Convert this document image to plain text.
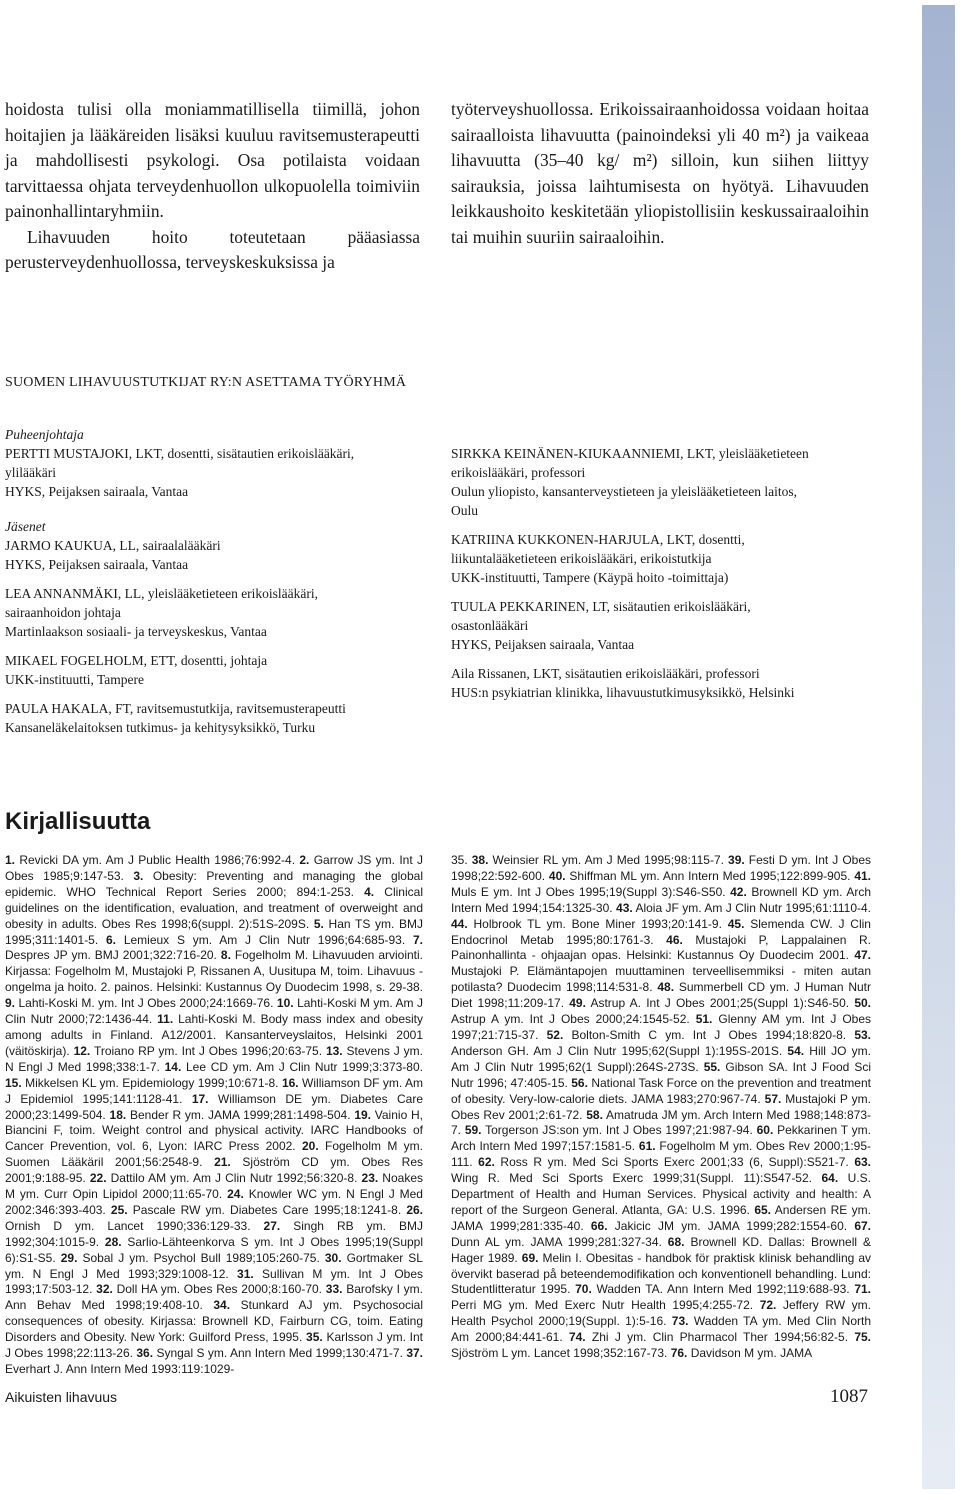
hoidosta tulisi olla moniammatillisella tiimillä, johon hoitajien ja lääkäreiden lisäksi kuuluu ravitsemusterapeutti ja mahdollisesti psykologi. Osa potilaista voidaan tarvittaessa ohjata terveydenhuollon ulkopuolella toimiviin painonhallintaryhmiin.

Lihavuuden hoito toteutetaan pääasiassa perusterveydenhuollossa, terveyskeskuksissa ja

työterveyshuollossa. Erikoissairaanhoidossa voidaan hoitaa sairaalloista lihavuutta (painoindeksi yli 40 m²) ja vaikeaa lihavuutta (35–40 kg/ m²) silloin, kun siihen liittyy sairauksia, joissa laihtumisesta on hyötyä. Lihavuuden leikkaushoito keskitetään yliopistollisiin keskussairaaloihin tai muihin suuriin sairaaloihin.

SUOMEN LIHAVUUSTUTKIJAT RY:N ASETTAMA TYÖRYHMÄ
Puheenjohtaja
PERTTI MUSTAJOKI, LKT, dosentti, sisätautien erikoislääkäri,
ylilääkäri
HYKS, Peijaksen sairaala, Vantaa
Jäsenet
JARMO KAUKUA, LL, sairaalalääkäri
HYKS, Peijaksen sairaala, Vantaa
LEA ANNANMÄKI, LL, yleislääketieteen erikoislääkäri,
sairaanhoidon johtaja
Martinlaakson sosiaali- ja terveyskeskus, Vantaa
MIKAEL FOGELHOLM, ETT, dosentti, johtaja
UKK-instituutti, Tampere
PAULA HAKALA, FT, ravitsemustutkija, ravitsemusterapeutti
Kansaneläkelaitoksen tutkimus- ja kehitysyksikkö, Turku
SIRKKA KEINÄNEN-KIUKAANNIEMI, LKT, yleislääketieteen
erikoislääkäri, professori
Oulun yliopisto, kansanterveystieteen ja yleislääketieteen laitos,
Oulu
KATRIINA KUKKONEN-HARJULA, LKT, dosentti,
liikuntalääketieteen erikoislääkäri, erikoistutkija
UKK-instituutti, Tampere (Käypä hoito -toimittaja)
TUULA PEKKARINEN, LT, sisätautien erikoislääkäri,
osastonlääkäri
HYKS, Peijaksen sairaala, Vantaa
Aila Rissanen, LKT, sisätautien erikoislääkäri, professori
HUS:n psykiatrian klinikka, lihavuustutkimusyksikkö, Helsinki
Kirjallisuutta
1. Revicki DA ym. Am J Public Health 1986;76:992-4. 2. Garrow JS ym. Int J Obes 1985;9:147-53. 3. Obesity: Preventing and managing the global epidemic. WHO Technical Report Series 2000; 894:1-253. 4. Clinical guidelines on the identification, evaluation, and treatment of overweight and obesity in adults. Obes Res 1998;6(suppl. 2):51S-209S. 5. Han TS ym. BMJ 1995;311:1401-5. 6. Lemieux S ym. Am J Clin Nutr 1996;64:685-93. 7. Despres JP ym. BMJ 2001;322:716-20. 8. Fogelholm M. Lihavuuden arviointi. Kirjassa: Fogelholm M, Mustajoki P, Rissanen A, Uusitupa M, toim. Lihavuus - ongelma ja hoito. 2. painos. Helsinki: Kustannus Oy Duodecim 1998, s. 29-38. 9. Lahti-Koski M. ym. Int J Obes 2000;24:1669-76. 10. Lahti-Koski M ym. Am J Clin Nutr 2000;72:1436-44. 11. Lahti-Koski M. Body mass index and obesity among adults in Finland. A12/2001. Kansanterveyslaitos, Helsinki 2001 (väitöskirja). 12. Troiano RP ym. Int J Obes 1996;20:63-75. 13. Stevens J ym. N Engl J Med 1998;338:1-7. 14. Lee CD ym. Am J Clin Nutr 1999;3:373-80. 15. Mikkelsen KL ym. Epidemiology 1999;10:671-8. 16. Williamson DF ym. Am J Epidemiol 1995;141:1128-41. 17. Williamson DE ym. Diabetes Care 2000;23:1499-504. 18. Bender R ym. JAMA 1999;281:1498-504. 19. Vainio H, Biancini F, toim. Weight control and physical activity. IARC Handbooks of Cancer Prevention, vol. 6, Lyon: IARC Press 2002. 20. Fogelholm M ym. Suomen Lääkäril 2001;56:2548-9. 21. Sjöström CD ym. Obes Res 2001;9:188-95. 22. Dattilo AM ym. Am J Clin Nutr 1992;56:320-8. 23. Noakes M ym. Curr Opin Lipidol 2000;11:65-70. 24. Knowler WC ym. N Engl J Med 2002:346:393-403. 25. Pascale RW ym. Diabetes Care 1995;18:1241-8. 26. Ornish D ym. Lancet 1990;336:129-33. 27. Singh RB ym. BMJ 1992;304:1015-9. 28. Sarlio-Lähteenkorva S ym. Int J Obes 1995;19(Suppl 6):S1-S5. 29. Sobal J ym. Psychol Bull 1989;105:260-75. 30. Gortmaker SL ym. N Engl J Med 1993;329:1008-12. 31. Sullivan M ym. Int J Obes 1993;17:503-12. 32. Doll HA ym. Obes Res 2000;8:160-70. 33. Barofsky I ym. Ann Behav Med 1998;19:408-10. 34. Stunkard AJ ym. Psychosocial consequences of obesity. Kirjassa: Brownell KD, Fairburn CG, toim. Eating Disorders and Obesity. New York: Guilford Press, 1995. 35. Karlsson J ym. Int J Obes 1998;22:113-26. 36. Syngal S ym. Ann Intern Med 1999;130:471-7. 37. Everhart J. Ann Intern Med 1993:119:1029-
35. 38. Weinsier RL ym. Am J Med 1995;98:115-7. 39. Festi D ym. Int J Obes 1998;22:592-600. 40. Shiffman ML ym. Ann Intern Med 1995;122:899-905. 41. Muls E ym. Int J Obes 1995;19(Suppl 3):S46-S50. 42. Brownell KD ym. Arch Intern Med 1994;154:1325-30. 43. Aloia JF ym. Am J Clin Nutr 1995;61:1110-4. 44. Holbrook TL ym. Bone Miner 1993;20:141-9. 45. Slemenda CW. J Clin Endocrinol Metab 1995;80:1761-3. 46. Mustajoki P, Lappalainen R. Painonhallinta - ohjaajan opas. Helsinki: Kustannus Oy Duodecim 2001. 47. Mustajoki P. Elämäntapojen muuttaminen terveellisemmiksi - miten autan potilasta? Duodecim 1998;114:531-8. 48. Summerbell CD ym. J Human Nutr Diet 1998;11:209-17. 49. Astrup A. Int J Obes 2001;25(Suppl 1):S46-50. 50. Astrup A ym. Int J Obes 2000;24:1545-52. 51. Glenny AM ym. Int J Obes 1997;21:715-37. 52. Bolton-Smith C ym. Int J Obes 1994;18:820-8. 53. Anderson GH. Am J Clin Nutr 1995;62(Suppl 1):195S-201S. 54. Hill JO ym. Am J Clin Nutr 1995;62(1 Suppl):264S-273S. 55. Gibson SA. Int J Food Sci Nutr 1996; 47:405-15. 56. National Task Force on the prevention and treatment of obesity. Very-low-calorie diets. JAMA 1983;270:967-74. 57. Mustajoki P ym. Obes Rev 2001;2:61-72. 58. Amatruda JM ym. Arch Intern Med 1988;148:873-7. 59. Torgerson JS:son ym. Int J Obes 1997;21:987-94. 60. Pekkarinen T ym. Arch Intern Med 1997;157:1581-5. 61. Fogelholm M ym. Obes Rev 2000;1:95-111. 62. Ross R ym. Med Sci Sports Exerc 2001;33 (6, Suppl):S521-7. 63. Wing R. Med Sci Sports Exerc 1999;31(Suppl. 11):S547-52. 64. U.S. Department of Health and Human Services. Physical activity and health: A report of the Surgeon General. Atlanta, GA: U.S. 1996. 65. Andersen RE ym. JAMA 1999;281:335-40. 66. Jakicic JM ym. JAMA 1999;282:1554-60. 67. Dunn AL ym. JAMA 1999;281:327-34. 68. Brownell KD. Dallas: Brownell & Hager 1989. 69. Melin I. Obesitas - handbok för praktisk klinisk behandling av övervikt baserad på beteendemodifikation och konventionell behandling. Lund: Studentlitteratur 1995. 70. Wadden TA. Ann Intern Med 1992;119:688-93. 71. Perri MG ym. Med Exerc Nutr Health 1995;4:255-72. 72. Jeffery RW ym. Health Psychol 2000;19(Suppl. 1):5-16. 73. Wadden TA ym. Med Clin North Am 2000;84:441-61. 74. Zhi J ym. Clin Pharmacol Ther 1994;56:82-5. 75. Sjöström L ym. Lancet 1998;352:167-73. 76. Davidson M ym. JAMA
Aikuisten lihavuus	1087
